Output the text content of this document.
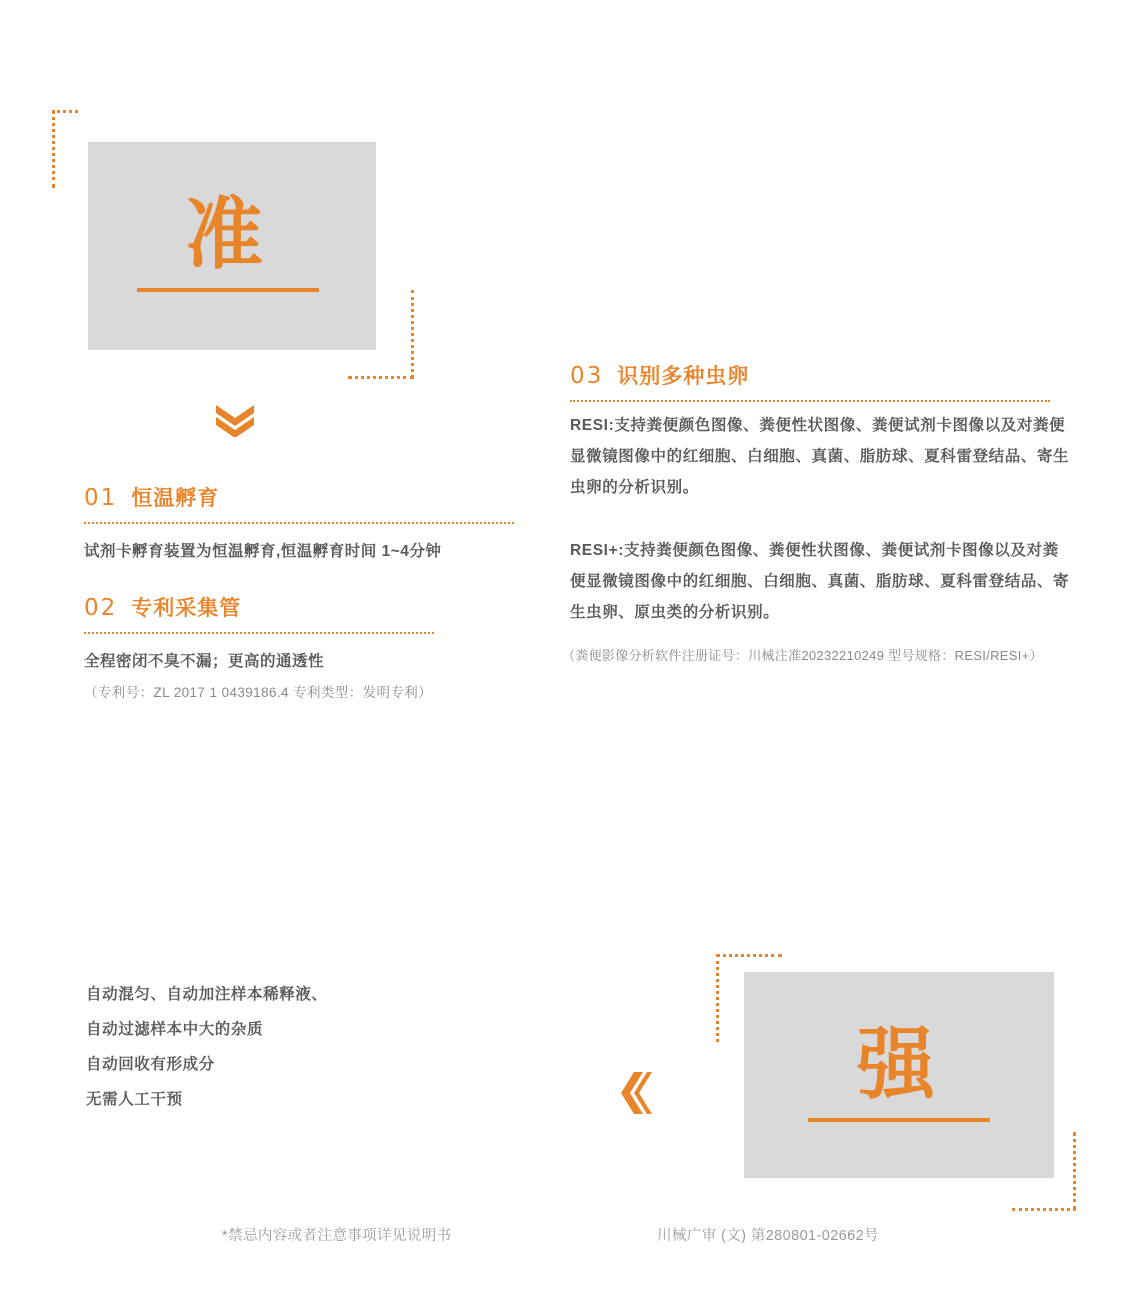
准
01 恒温孵育
试剂卡孵育装置为恒温孵育,恒温孵育时间 1~4分钟
02 专利采集管
全程密闭不臭不漏；更高的通透性
（专利号：ZL 2017 1 0439186.4 专利类型：发明专利）
03 识别多种虫卵
RESI:支持粪便颜色图像、粪便性状图像、粪便试剂卡图像以及对粪便显微镜图像中的红细胞、白细胞、真菌、脂肪球、夏科雷登结品、寄生虫卵的分析识别。
RESI+:支持粪便颜色图像、粪便性状图像、粪便试剂卡图像以及对粪便显微镜图像中的红细胞、白细胞、真菌、脂肪球、夏科雷登结品、寄生虫卵、原虫类的分析识别。
（粪便影像分析软件注册证号：川械注准20232210249 型号规格：RESI/RESI+）
自动混匀、自动加注样本稀释液、
自动过滤样本中大的杂质
自动回收有形成分
无需人工干预	强
*禁忌内容或者注意事项详见说明书	川械广审 (文) 第280801-02662号
